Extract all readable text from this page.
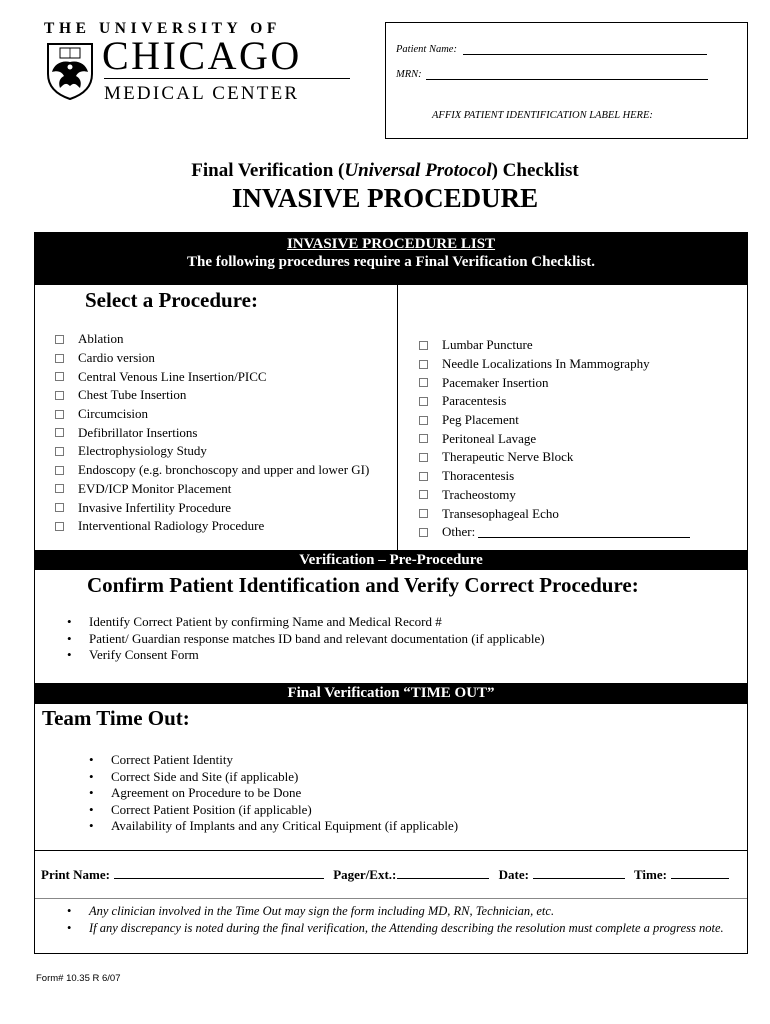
THE UNIVERSITY OF
CHICAGO
MEDICAL CENTER
Patient Name:
MRN:
AFFIX PATIENT IDENTIFICATION LABEL HERE:
Final Verification (Universal Protocol) Checklist
INVASIVE PROCEDURE
INVASIVE PROCEDURE LIST
The following procedures require a Final Verification Checklist.
Select a Procedure:
Ablation
Cardio version
Central Venous Line Insertion/PICC
Chest Tube Insertion
Circumcision
Defibrillator Insertions
Electrophysiology Study
Endoscopy (e.g. bronchoscopy and upper and lower GI)
EVD/ICP Monitor Placement
Invasive Infertility Procedure
Interventional Radiology Procedure
Lumbar Puncture
Needle Localizations In Mammography
Pacemaker Insertion
Paracentesis
Peg Placement
Peritoneal Lavage
Therapeutic Nerve Block
Thoracentesis
Tracheostomy
Transesophageal Echo
Other:
Verification – Pre-Procedure
Confirm Patient Identification and Verify Correct Procedure:
• Identify Correct Patient by confirming Name and Medical Record #
• Patient/ Guardian response matches ID band and relevant documentation (if applicable)
• Verify Consent Form
Final Verification “TIME OUT”
Team Time Out:
• Correct Patient Identity
• Correct Side and Site (if applicable)
• Agreement on Procedure to be Done
• Correct Patient Position (if applicable)
• Availability of Implants and any Critical Equipment (if applicable)
Print Name:	Pager/Ext.:	Date:	Time:
• Any clinician involved in the Time Out may sign the form including MD, RN, Technician, etc.
• If any discrepancy is noted during the final verification, the Attending describing the resolution must complete a progress note.
Form# 10.35 R 6/07
